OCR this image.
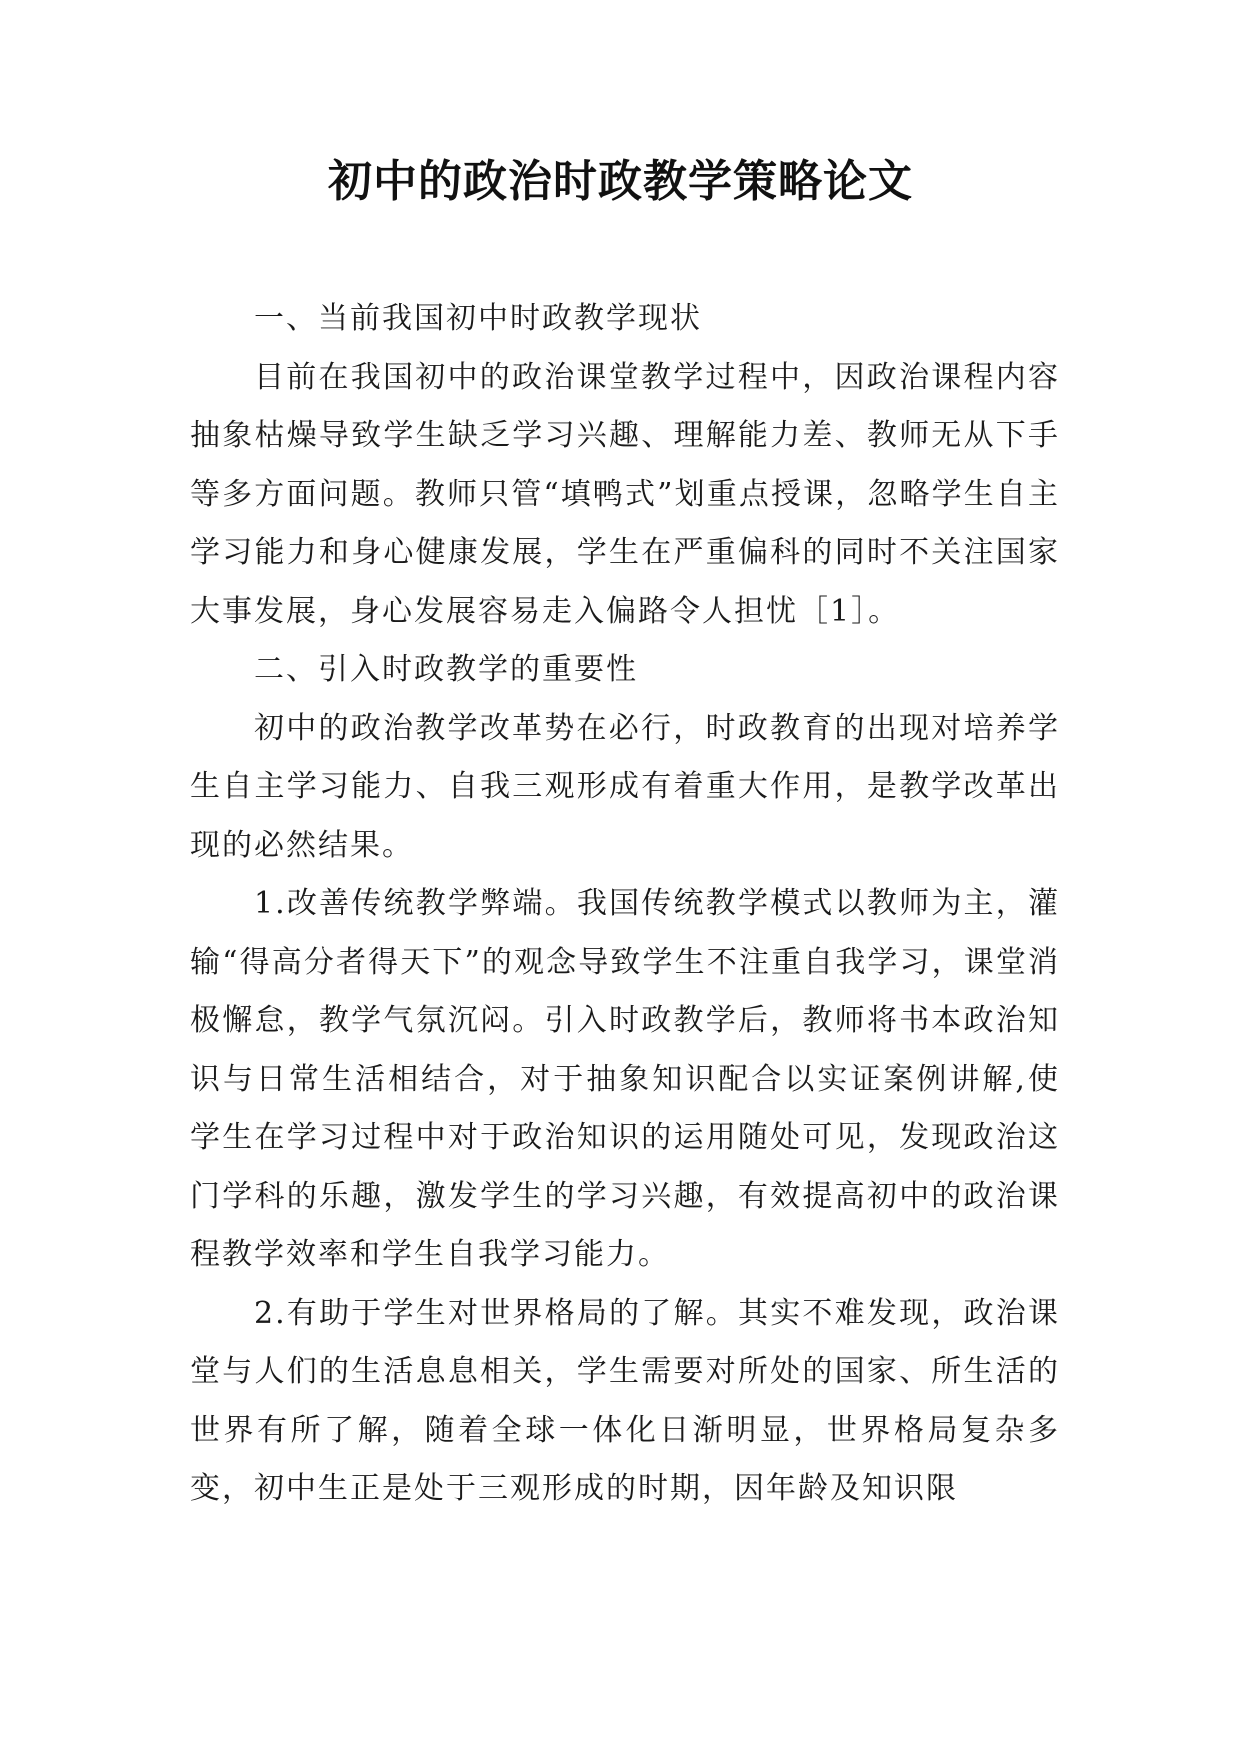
初中的政治时政教学策略论文

一、当前我国初中时政教学现状

目前在我国初中的政治课堂教学过程中，因政治课程内容抽象枯燥导致学生缺乏学习兴趣、理解能力差、教师无从下手等多方面问题。教师只管“填鸭式”划重点授课，忽略学生自主学习能力和身心健康发展，学生在严重偏科的同时不关注国家大事发展，身心发展容易走入偏路令人担忧［1］。

二、引入时政教学的重要性

初中的政治教学改革势在必行，时政教育的出现对培养学生自主学习能力、自我三观形成有着重大作用，是教学改革出现的必然结果。

1.改善传统教学弊端。我国传统教学模式以教师为主，灌输“得高分者得天下”的观念导致学生不注重自我学习，课堂消极懈怠，教学气氛沉闷。引入时政教学后，教师将书本政治知识与日常生活相结合，对于抽象知识配合以实证案例讲解,使学生在学习过程中对于政治知识的运用随处可见，发现政治这门学科的乐趣，激发学生的学习兴趣，有效提高初中的政治课程教学效率和学生自我学习能力。

2.有助于学生对世界格局的了解。其实不难发现，政治课堂与人们的生活息息相关，学生需要对所处的国家、所生活的世界有所了解，随着全球一体化日渐明显，世界格局复杂多变，初中生正是处于三观形成的时期，因年龄及知识限
